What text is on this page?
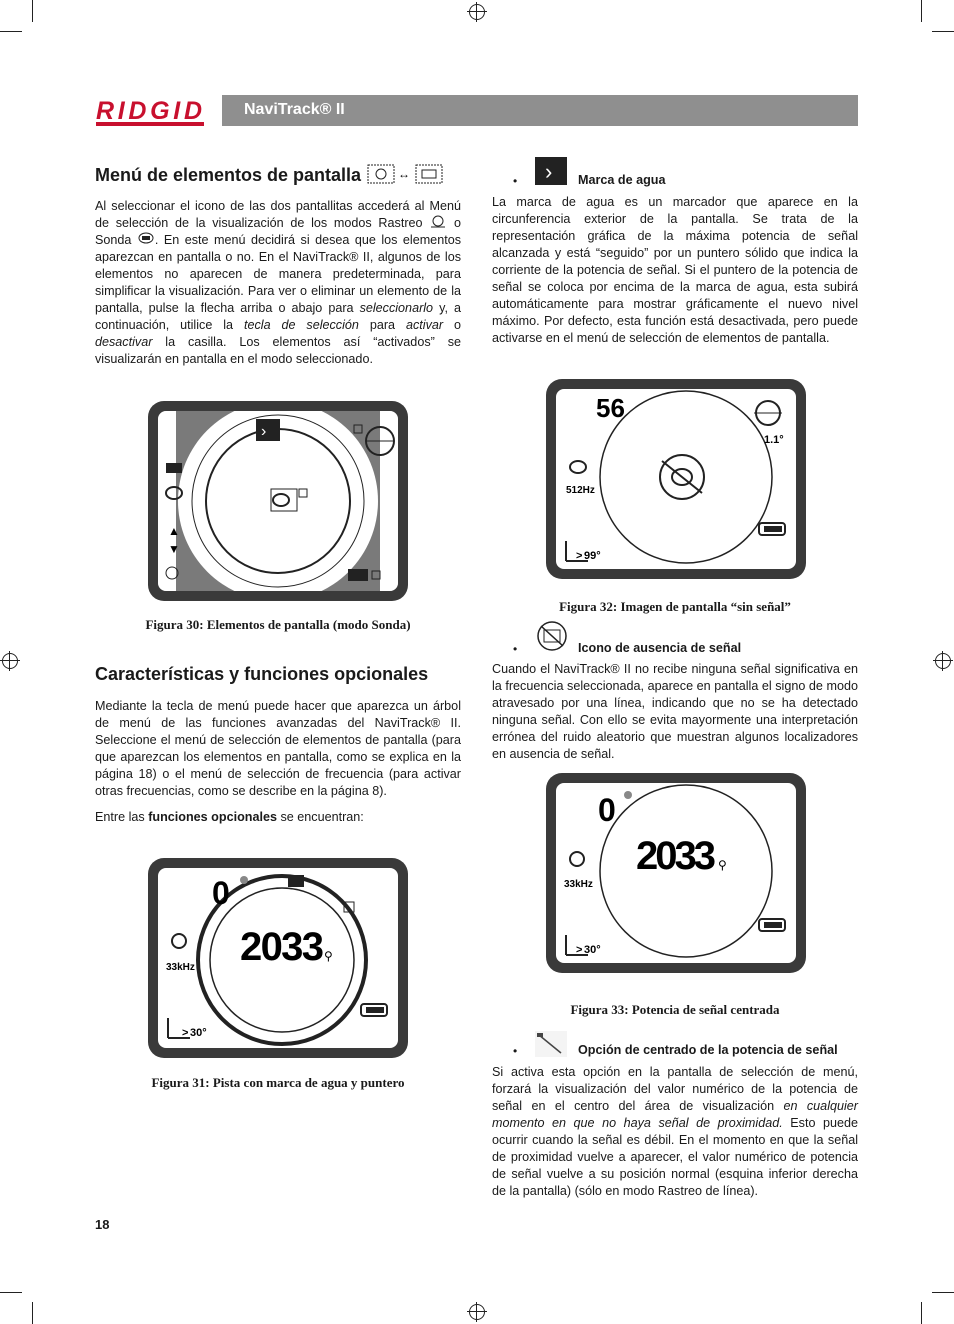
RIDGID	NaviTrack® II
Menú de elementos de pantalla	↔

Al seleccionar el icono de las dos pantallitas accederá al Menú de selección de la visualización de los modos Rastreo o Sonda . En este menú decidirá si desea que los elementos aparezcan en pantalla o no. En el NaviTrack® II, algunos de los elementos no aparecen de manera predeterminada, para simplificar la visualización. Para ver o eliminar un elemento de la pantalla, pulse la flecha arriba o abajo para seleccionarlo y, a continuación, utilice la tecla de selección para activar o desactivar la casilla. Los elementos así “activados” se visualizarán en pantalla en el modo seleccionado.

›
▲
▼
Figura 30: Elementos de pantalla (modo Sonda)
Características y funciones opcionales

Mediante la tecla de menú puede hacer que aparezca un árbol de menú de las funciones avanzadas del NaviTrack® II. Seleccione el menú de selección de elementos de pantalla (para que aparezcan los elementos en pantalla, como se explica en la página 18) o el menú de selección de frecuencia (para activar otras frecuencias, como se describe en la página 8).

Entre las funciones opcionales se encuentran:

0
2033 ⚲
33kHz
> 30°
Figura 31: Pista con marca de agua y puntero
• › Marca de agua
La marca de agua es un marcador que aparece en la circunferencia exterior de la pantalla. Se trata de la representación gráfica de la máxima potencia de señal alcanzada y está “seguido” por un puntero sólido que indica la corriente de la potencia de señal. Si el puntero de la potencia de señal se coloca por encima de la marca de agua, esta subirá automáticamente para mostrar gráficamente el nuevo nivel máximo. Por defecto, esta función está desactivada, pero puede activarse en el menú de selección de elementos de pantalla.
56
1.1°
512Hz
> 99°
Figura 32: Imagen de pantalla “sin señal”
•	Icono de ausencia de señal
Cuando el NaviTrack® II no recibe ninguna señal significativa en la frecuencia seleccionada, aparece en pantalla el signo de modo atravesado por una línea, indicando que no se ha detectado ninguna señal. Con ello se evita mayormente una interpretación errónea del ruido aleatorio que muestran algunos localizadores en ausencia de señal.
0
2033 ⚲
33kHz
> 30°
Figura 33: Potencia de señal centrada
•	Opción de centrado de la potencia de señal
Si activa esta opción en la pantalla de selección de menú, forzará la visualización del valor numérico de la potencia de señal en el centro del área de visualización en cualquier momento en que no haya señal de proximidad. Esto puede ocurrir cuando la señal es débil. En el momento en que la señal de proximidad vuelve a aparecer, el valor numérico de potencia de señal vuelve a su posición normal (esquina inferior derecha de la pantalla) (sólo en modo Rastreo de línea).
18
